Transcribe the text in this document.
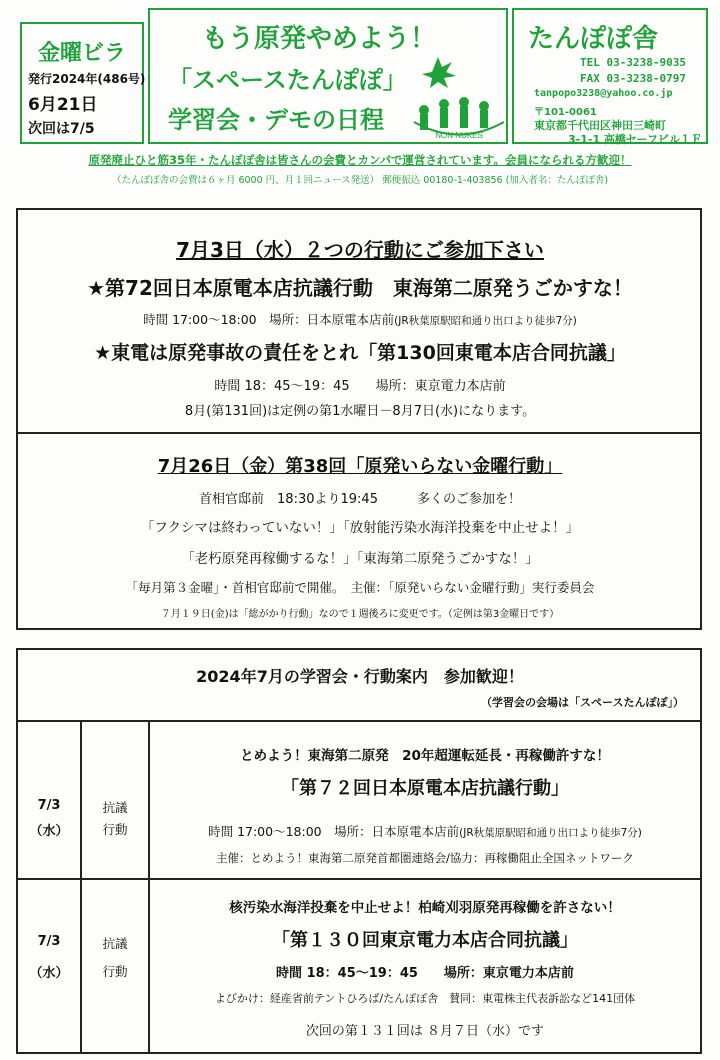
金曜ビラ
発行2024年(486号)
6月21日
次回は7/5
もう原発やめよう！
「スペースたんぽぽ」
学習会・デモの日程
NON NUKES
たんぽぽ舎
TEL 03-3238-9035
FAX 03-3238-0797
tanpopo3238@yahoo.co.jp
〒101-0061
東京都千代田区神田三崎町
3-1-1 高橋セーフビル１Ｆ
原発廃止ひと筋35年・たんぽぽ舎は皆さんの会費とカンパで運営されています。会員になられる方歓迎！
（たんぽぽ舎の会費は６ヶ月 6000 円、月１回ニュース発送） 郵便振込 00180-1-403856 (加入者名：たんぽぽ舎)
7月3日（水）２つの行動にご参加下さい
★第72回日本原電本店抗議行動　東海第二原発うごかすな！
時間 17:00～18:00　場所：日本原電本店前(JR秋葉原駅昭和通り出口より徒歩7分)
★東電は原発事故の責任をとれ「第130回東電本店合同抗議」
時間 18：45～19：45　　場所：東京電力本店前
8月(第131回)は定例の第1水曜日－8月7日(水)になります。
7月26日（金）第38回「原発いらない金曜行動」
首相官邸前　18:30より19:45　　　多くのご参加を！
「フクシマは終わっていない！」「放射能汚染水海洋投棄を中止せよ！」
「老朽原発再稼働するな！」「東海第二原発うごかすな！」
「毎月第３金曜」・首相官邸前で開催。　主催：「原発いらない金曜行動」実行委員会
７月１９日(金)は「総がかり行動」なので１週後ろに変更です。（定例は第3金曜日です）
2024年7月の学習会・行動案内　参加歓迎！
（学習会の会場は「スペースたんぽぽ」）
7/3
（水）
抗議
行動
とめよう！東海第二原発　20年超運転延長・再稼働許すな！
「第７２回日本原電本店抗議行動」
時間 17:00～18:00　場所：日本原電本店前(JR秋葉原駅昭和通り出口より徒歩7分)
主催：とめよう！東海第二原発首都圏連絡会/協力：再稼働阻止全国ネットワーク
7/3
（水）
抗議
行動
核汚染水海洋投棄を中止せよ！柏崎刈羽原発再稼働を許さない！
「第１３０回東京電力本店合同抗議」
時間 18：45～19：45　　場所：東京電力本店前
よびかけ：経産省前テントひろば/たんぽぽ舎　賛同：東電株主代表訴訟など141団体
次回の第１３１回は ８月７日（水）です
